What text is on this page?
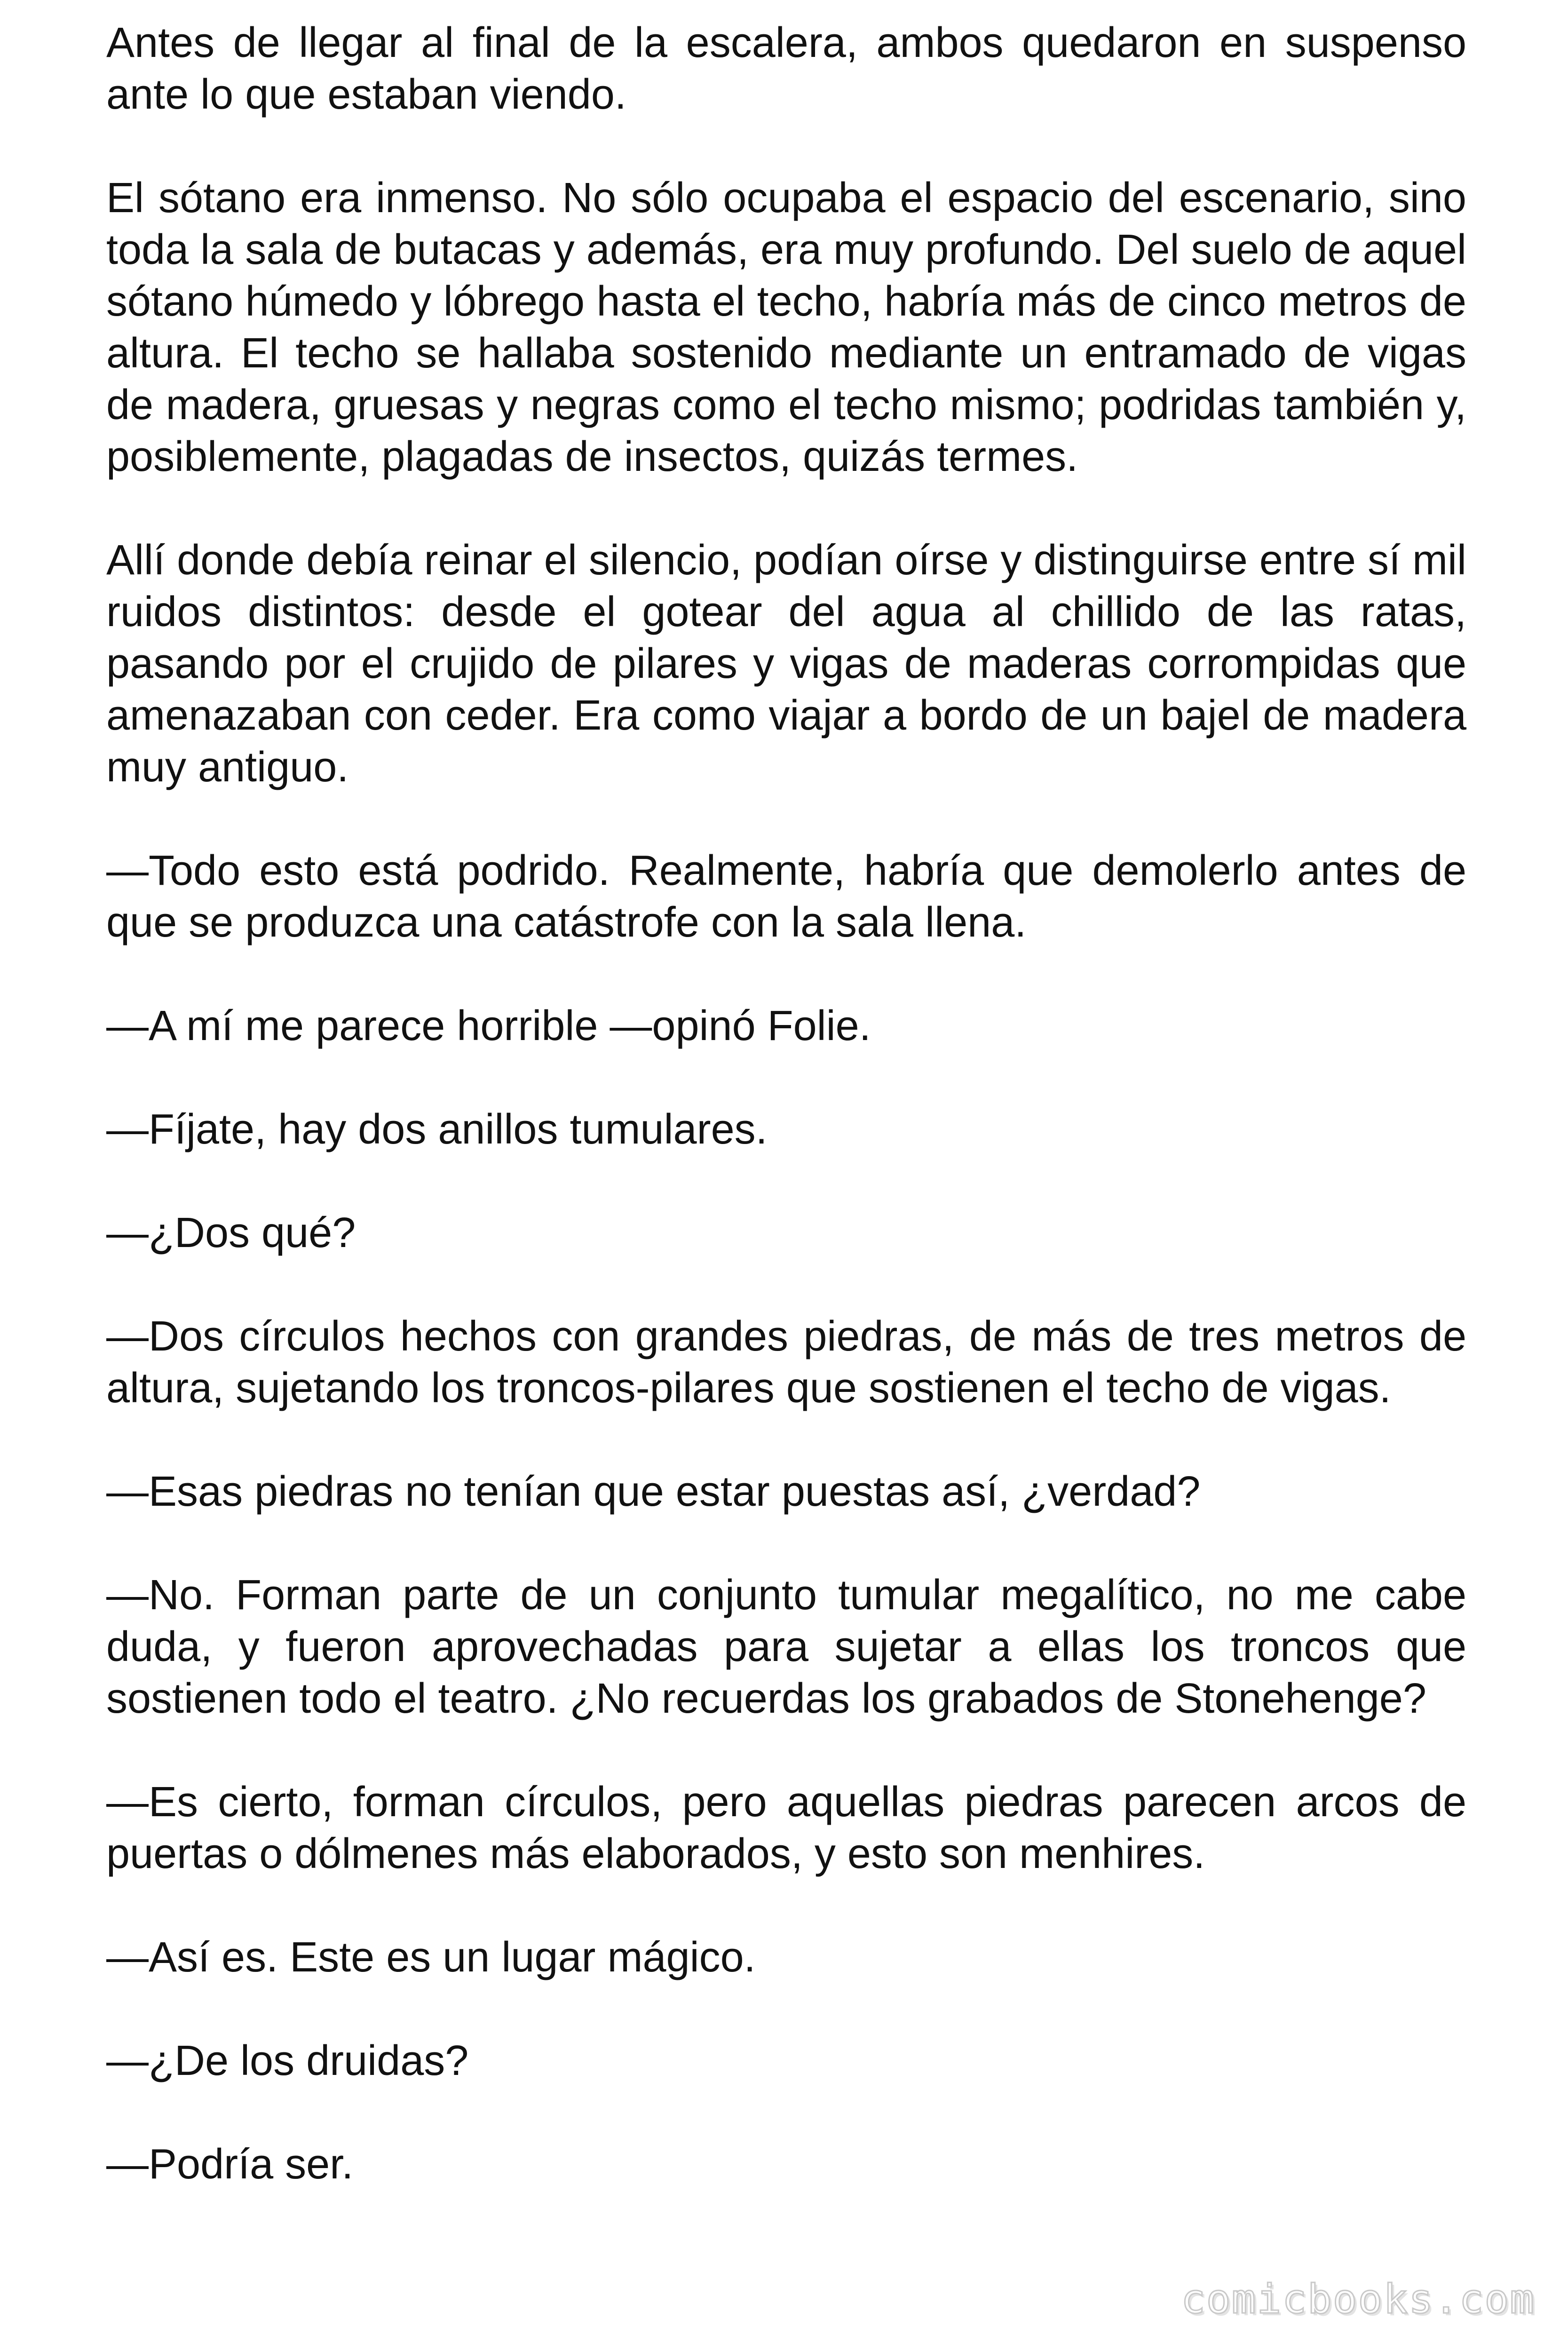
Antes de llegar al final de la escalera, ambos quedaron en suspenso ante lo que estaban viendo.

El sótano era inmenso. No sólo ocupaba el espacio del escenario, sino toda la sala de butacas y además, era muy profundo. Del suelo de aquel sótano húmedo y lóbrego hasta el techo, habría más de cinco metros de altura. El techo se hallaba sostenido mediante un entramado de vigas de madera, gruesas y negras como el techo mismo; podridas también y, posiblemente, plagadas de insectos, quizás termes.

Allí donde debía reinar el silencio, podían oírse y distinguirse entre sí mil ruidos distintos: desde el gotear del agua al chillido de las ratas, pasando por el crujido de pilares y vigas de maderas corrompidas que amenazaban con ceder. Era como viajar a bordo de un bajel de madera muy antiguo.

—Todo esto está podrido. Realmente, habría que demolerlo antes de que se produzca una catástrofe con la sala llena.

—A mí me parece horrible —opinó Folie.

—Fíjate, hay dos anillos tumulares.

—¿Dos qué?

—Dos círculos hechos con grandes piedras, de más de tres metros de altura, sujetando los troncos-pilares que sostienen el techo de vigas.

—Esas piedras no tenían que estar puestas así, ¿verdad?

—No. Forman parte de un conjunto tumular megalítico, no me cabe duda, y fueron aprovechadas para sujetar a ellas los troncos que sostienen todo el teatro. ¿No recuerdas los grabados de Stonehenge?

—Es cierto, forman círculos, pero aquellas piedras parecen arcos de puertas o dólmenes más elaborados, y esto son menhires.

—Así es. Este es un lugar mágico.

—¿De los druidas?

—Podría ser.

comicbooks.com
